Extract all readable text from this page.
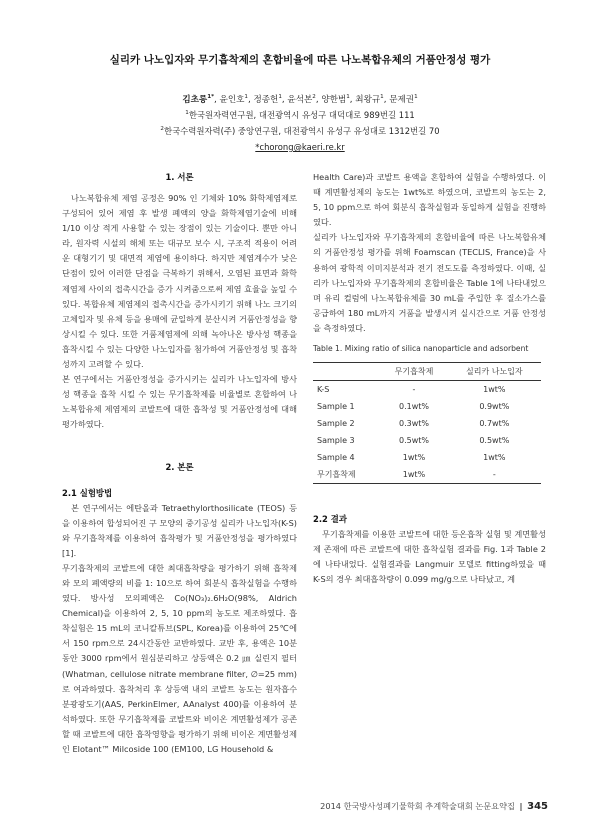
실리카 나노입자와 무기흡착제의 혼합비율에 따른 나노복합유체의 거품안정성 평가
김초롱$^{1*}$, 윤인호$^1$, 정종헌$^1$, 윤석본$^2$, 양한범$^1$, 최왕규$^1$, 문제권$^1$
$^1$한국원자력연구원, 대전광역시 유성구 대덕대로 989번길 111
$^2$한국수력원자력(주) 중앙연구원, 대전광역시 유성구 유성대로 1312번길 70
*chorong@kaeri.re.kr
1. 서론

나노복합유체 제염 공정은 90% 인 기체와 10% 화학제염제로 구성되어 있어 제염 후 발생 폐액의 양을 화학제염기술에 비해 1/10 이상 적게 사용할 수 있는 장점이 있는 기술이다. 뿐만 아니라, 원자력 시설의 해체 또는 대규모 보수 시, 구조적 적용이 어려운 대형기기 및 대면적 제염에 용이하다. 하지만 제염계수가 낮은 단점이 있어 이러한 단점을 극복하기 위해서, 오염된 표면과 화학제염제 사이의 접촉시간을 증가 시켜줌으로써 제염 효율을 높일 수 있다. 복합유체 제염제의 접촉시간을 증가시키기 위해 나노 크기의 고체입자 및 유체 등을 용매에 균일하게 분산시켜 거품안정성을 향상시킬 수 있다. 또한 거품제염제에 의해 녹아나온 방사성 핵종을 흡착시킬 수 있는 다양한 나노입자를 첨가하여 거품안정성 및 흡착성까지 고려할 수 있다.

본 연구에서는 거품안정성을 증가시키는 실리카 나노입자에 방사성 핵종을 흡착 시킬 수 있는 무기흡착제를 비율별로 혼합하여 나노복합유체 제염제의 코발트에 대한 흡착성 및 거품안정성에 대해 평가하였다.

2. 본론
2.1 실험방법

본 연구에서는 에탄올과 Tetraethylorthosilicate (TEOS) 등을 이용하여 합성되어진 구 모양의 중기공성 실리카 나노입자(K-S)와 무기흡착제를 이용하여 흡착평가 및 거품안정성을 평가하였다[1].

무기흡착제의 코발트에 대한 최대흡착량을 평가하기 위해 흡착제와 모의 폐액량의 비를 1: 10으로 하여 회분식 흡착실험을 수행하였다. 방사성 모의폐액은 Co(NO₃)₂.6H₂O(98%, Aldrich Chemical)을 이용하여 2, 5, 10 ppm의 농도로 제조하였다. 흡착실험은 15 mL의 코니칼튜브(SPL, Korea)를 이용하여 25℃에서 150 rpm으로 24시간동안 교반하였다. 교반 후, 용액은 10분동안 3000 rpm에서 원심분리하고 상등액은 0.2 ㎛ 실린지 필터(Whatman, cellulose nitrate membrane filter, ∅=25 mm)로 여과하였다. 흡착처리 후 상등액 내의 코발트 농도는 원자흡수분광광도기(AAS, PerkinElmer, AAnalyst 400)를 이용하여 분석하였다. 또한 무기흡착제를 코발트와 비이온 계면활성제가 공존할 때 코발트에 대한 흡착영향을 평가하기 위해 비이온 계면활성제인 Elotant™ Milcoside 100 (EM100, LG Household &

Health Care)과 코발트 용액을 혼합하여 실험을 수행하였다. 이때 계면활성제의 농도는 1wt%로 하였으며, 코발트의 농도는 2, 5, 10 ppm으로 하여 회분식 흡착실험과 동일하게 실험을 진행하였다.

실리카 나노입자와 무기흡착제의 혼합비율에 따른 나노복합유체의 거품안정성 평가를 위해 Foamscan (TECLIS, France)을 사용하여 광학적 이미지분석과 전기 전도도를 측정하였다. 이때, 실리카 나노입자와 무기흡착제의 혼합비율은 Table 1에 나타내었으며 유리 컬럼에 나노복합유체를 30 mL를 주입한 후 질소가스를 공급하여 180 mL까지 거품을 발생시켜 실시간으로 거품 안정성을 측정하였다.

Table 1. Mixing ratio of silica nanoparticle and adsorbent
	무기흡착제	실리카 나노입자
K-S	-	1wt%
Sample 1	0.1wt%	0.9wt%
Sample 2	0.3wt%	0.7wt%
Sample 3	0.5wt%	0.5wt%
Sample 4	1wt%	1wt%
무기흡착제	1wt%	-
2.2 결과

무기흡착제를 이용한 코발트에 대한 등온흡착 실험 및 계면활성제 존재에 따른 코발트에 대한 흡착실험 결과를 Fig. 1과 Table 2에 나타내었다. 실험결과를 Langmuir 모델로 fitting하였을 때 K-S의 경우 최대흡착량이 0.099 mg/g으로 나타났고, 계

2014 한국방사성폐기물학회 추계학술대회 논문요약집 | 345
